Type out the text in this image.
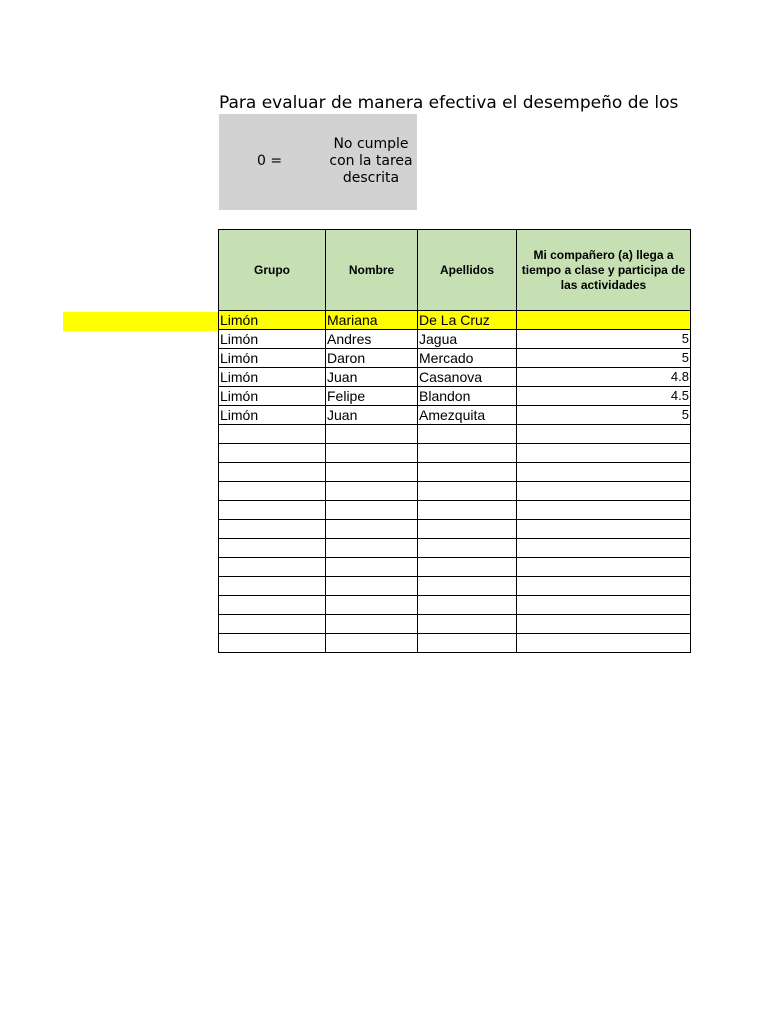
Para evaluar de manera efectiva el desempeño de los
0 =
No cumple con la tarea descrita
Grupo	Nombre	Apellidos	Mi compañero (a) llega a tiempo a clase y participa de las actividades
Limón	Mariana	De La Cruz	
Limón	Andres	Jagua	5
Limón	Daron	Mercado	5
Limón	Juan	Casanova	4.8
Limón	Felipe	Blandon	4.5
Limón	Juan	Amezquita	5
